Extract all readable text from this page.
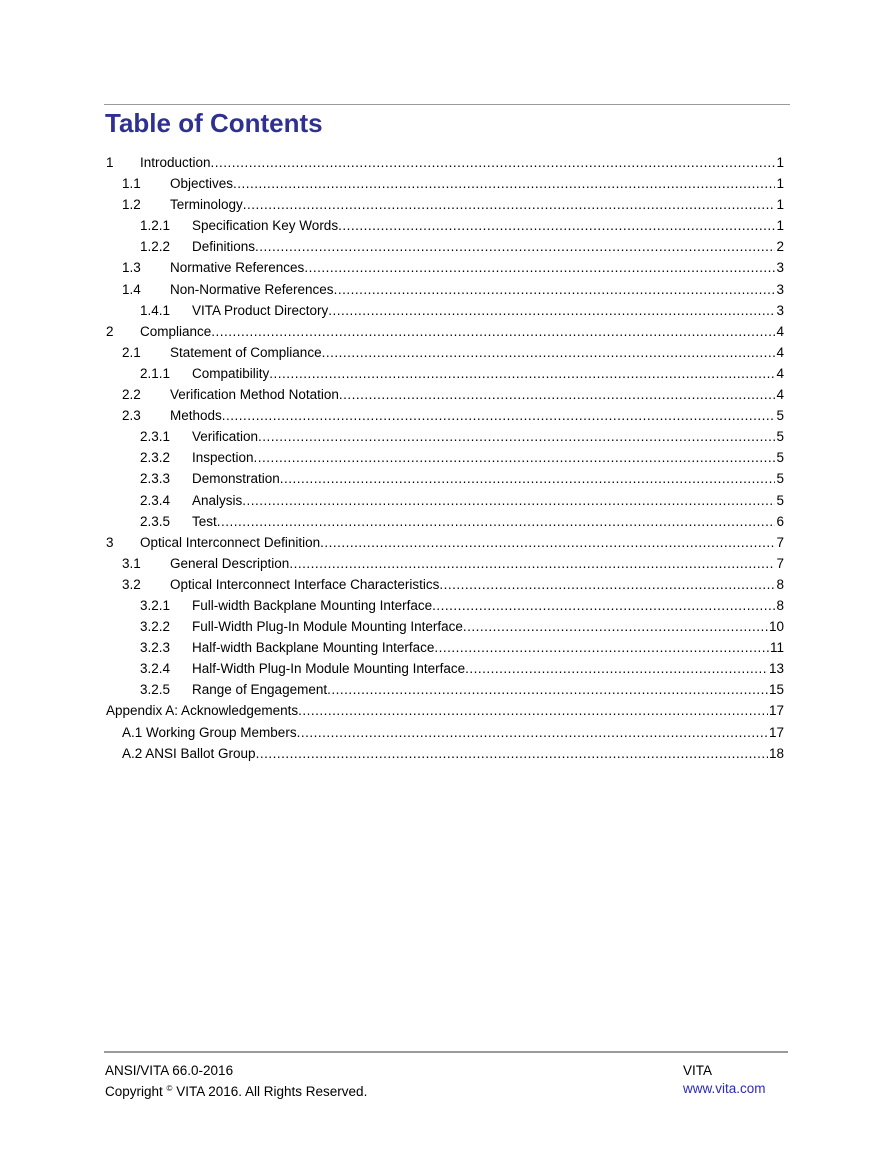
Table of Contents
1 Introduction .....	1
1.1 Objectives .....	1
1.2 Terminology .....	1
1.2.1 Specification Key Words .....	1
1.2.2 Definitions .....	2
1.3 Normative References .....	3
1.4 Non-Normative References .....	3
1.4.1 VITA Product Directory .....	3
2 Compliance .....	4
2.1 Statement of Compliance .....	4
2.1.1 Compatibility .....	4
2.2 Verification Method Notation .....	4
2.3 Methods .....	5
2.3.1 Verification .....	5
2.3.2 Inspection .....	5
2.3.3 Demonstration .....	5
2.3.4 Analysis .....	5
2.3.5 Test .....	6
3 Optical Interconnect Definition .....	7
3.1 General Description .....	7
3.2 Optical Interconnect Interface Characteristics .....	8
3.2.1 Full-width Backplane Mounting Interface .....	8
3.2.2 Full-Width Plug-In Module Mounting Interface .....	10
3.2.3 Half-width Backplane Mounting Interface .....	11
3.2.4 Half-Width Plug-In Module Mounting Interface .....	13
3.2.5 Range of Engagement .....	15
Appendix A: Acknowledgements .....	17
A.1 Working Group Members .....	17
A.2 ANSI Ballot Group .....	18
ANSI/VITA 66.0-2016
Copyright © VITA 2016. All Rights Reserved.
VITA
www.vita.com
